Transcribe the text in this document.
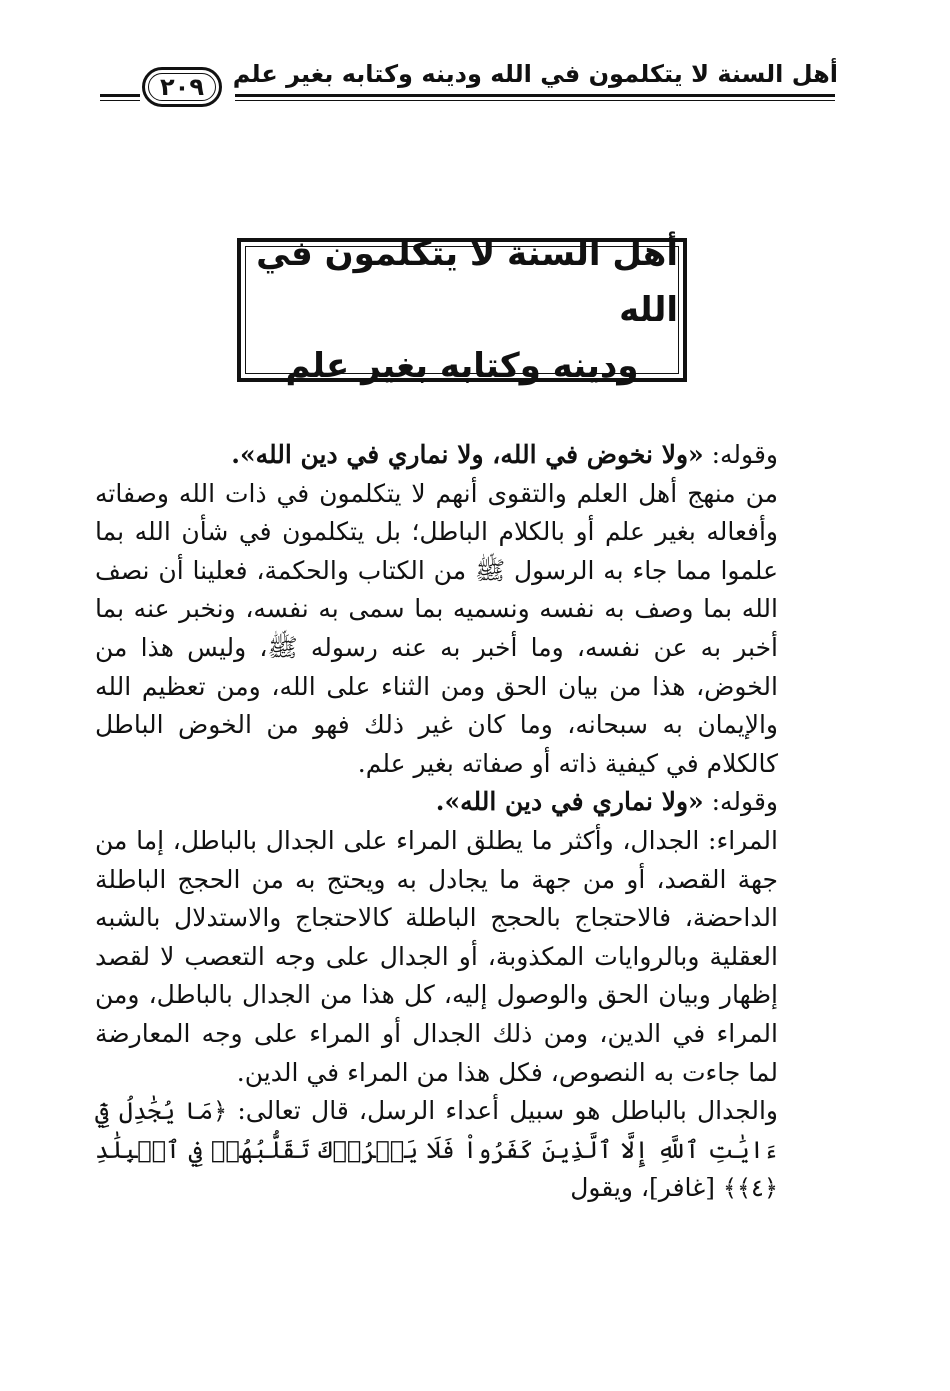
أهل السنة لا يتكلمون في الله ودينه وكتابه بغير علم
٢٠٩
أهل السنة لا يتكلمون في الله
ودينه وكتابه بغير علم

وقوله: «ولا نخوض في الله، ولا نماري في دين الله».

من منهج أهل العلم والتقوى أنهم لا يتكلمون في ذات الله وصفاته وأفعاله بغير علم أو بالكلام الباطل؛ بل يتكلمون في شأن الله بما علموا مما جاء به الرسول ﷺ من الكتاب والحكمة، فعلينا أن نصف الله بما وصف به نفسه ونسميه بما سمى به نفسه، ونخبر عنه بما أخبر به عن نفسه، وما أخبر به عنه رسوله ﷺ، وليس هذا من الخوض، هذا من بيان الحق ومن الثناء على الله، ومن تعظيم الله والإيمان به سبحانه، وما كان غير ذلك فهو من الخوض الباطل كالكلام في كيفية ذاته أو صفاته بغير علم.

وقوله: «ولا نماري في دين الله».

المراء: الجدال، وأكثر ما يطلق المراء على الجدال بالباطل، إما من جهة القصد، أو من جهة ما يجادل به ويحتج به من الحجج الباطلة الداحضة، فالاحتجاج بالحجج الباطلة كالاحتجاج والاستدلال بالشبه العقلية وبالروايات المكذوبة، أو الجدال على وجه التعصب لا لقصد إظهار وبيان الحق والوصول إليه، كل هذا من الجدال بالباطل، ومن المراء في الدين، ومن ذلك الجدال أو المراء على وجه المعارضة لما جاءت به النصوص، فكل هذا من المراء في الدين.

والجدال بالباطل هو سبيل أعداء الرسل، قال تعالى: ﴿مَا يُجَٰدِلُ فِيٓ ءَايَٰتِ ٱللَّهِ إِلَّا ٱلَّذِينَ كَفَرُواْ فَلَا يَغۡرُرۡكَ تَقَلُّبُهُمۡ فِي ٱلۡبِلَٰدِ ﴿٤﴾﴾ [غافر]، ويقول
